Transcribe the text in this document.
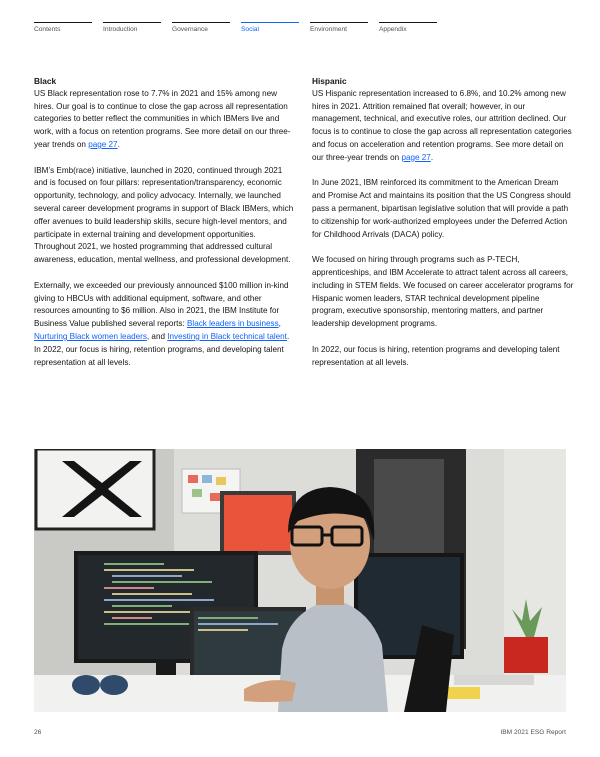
Contents	Introduction	Governance	Social	Environment	Appendix
Black

US Black representation rose to 7.7% in 2021 and 15% among new hires. Our goal is to continue to close the gap across all representation categories to better reflect the communities in which IBMers live and work, with a focus on retention programs. See more detail on our three-year trends on page 27.

IBM’s Emb(race) initiative, launched in 2020, continued through 2021 and is focused on four pillars: representation/transparency, economic opportunity, technology, and policy advocacy. Internally, we launched several career development programs in support of Black IBMers, which offer avenues to build leadership skills, secure high-level mentors, and participate in external training and development opportunities. Throughout 2021, we hosted programming that addressed cultural awareness, education, mental wellness, and professional development.

Externally, we exceeded our previously announced $100 million in-kind giving to HBCUs with additional equipment, software, and other resources amounting to $6 million. Also in 2021, the IBM Institute for Business Value published several reports: Black leaders in business, Nurturing Black women leaders, and Investing in Black technical talent. In 2022, our focus is hiring, retention programs, and developing talent representation at all levels.

Hispanic

US Hispanic representation increased to 6.8%, and 10.2% among new hires in 2021. Attrition remained flat overall; however, in our management, technical, and executive roles, our attrition declined. Our focus is to continue to close the gap across all representation categories and focus on acceleration and retention programs. See more detail on our three-year trends on page 27.

In June 2021, IBM reinforced its commitment to the American Dream and Promise Act and maintains its position that the US Congress should pass a permanent, bipartisan legislative solution that will provide a path to citizenship for work-authorized employees under the Deferred Action for Childhood Arrivals (DACA) policy.

We focused on hiring through programs such as P-TECH, apprenticeships, and IBM Accelerate to attract talent across all careers, including in STEM fields. We focused on career accelerator programs for Hispanic women leaders, STAR technical development pipeline program, executive sponsorship, mentoring matters, and partner leadership development programs.

In 2022, our focus is hiring, retention programs and developing talent representation at all levels.

26	IBM 2021 ESG Report
